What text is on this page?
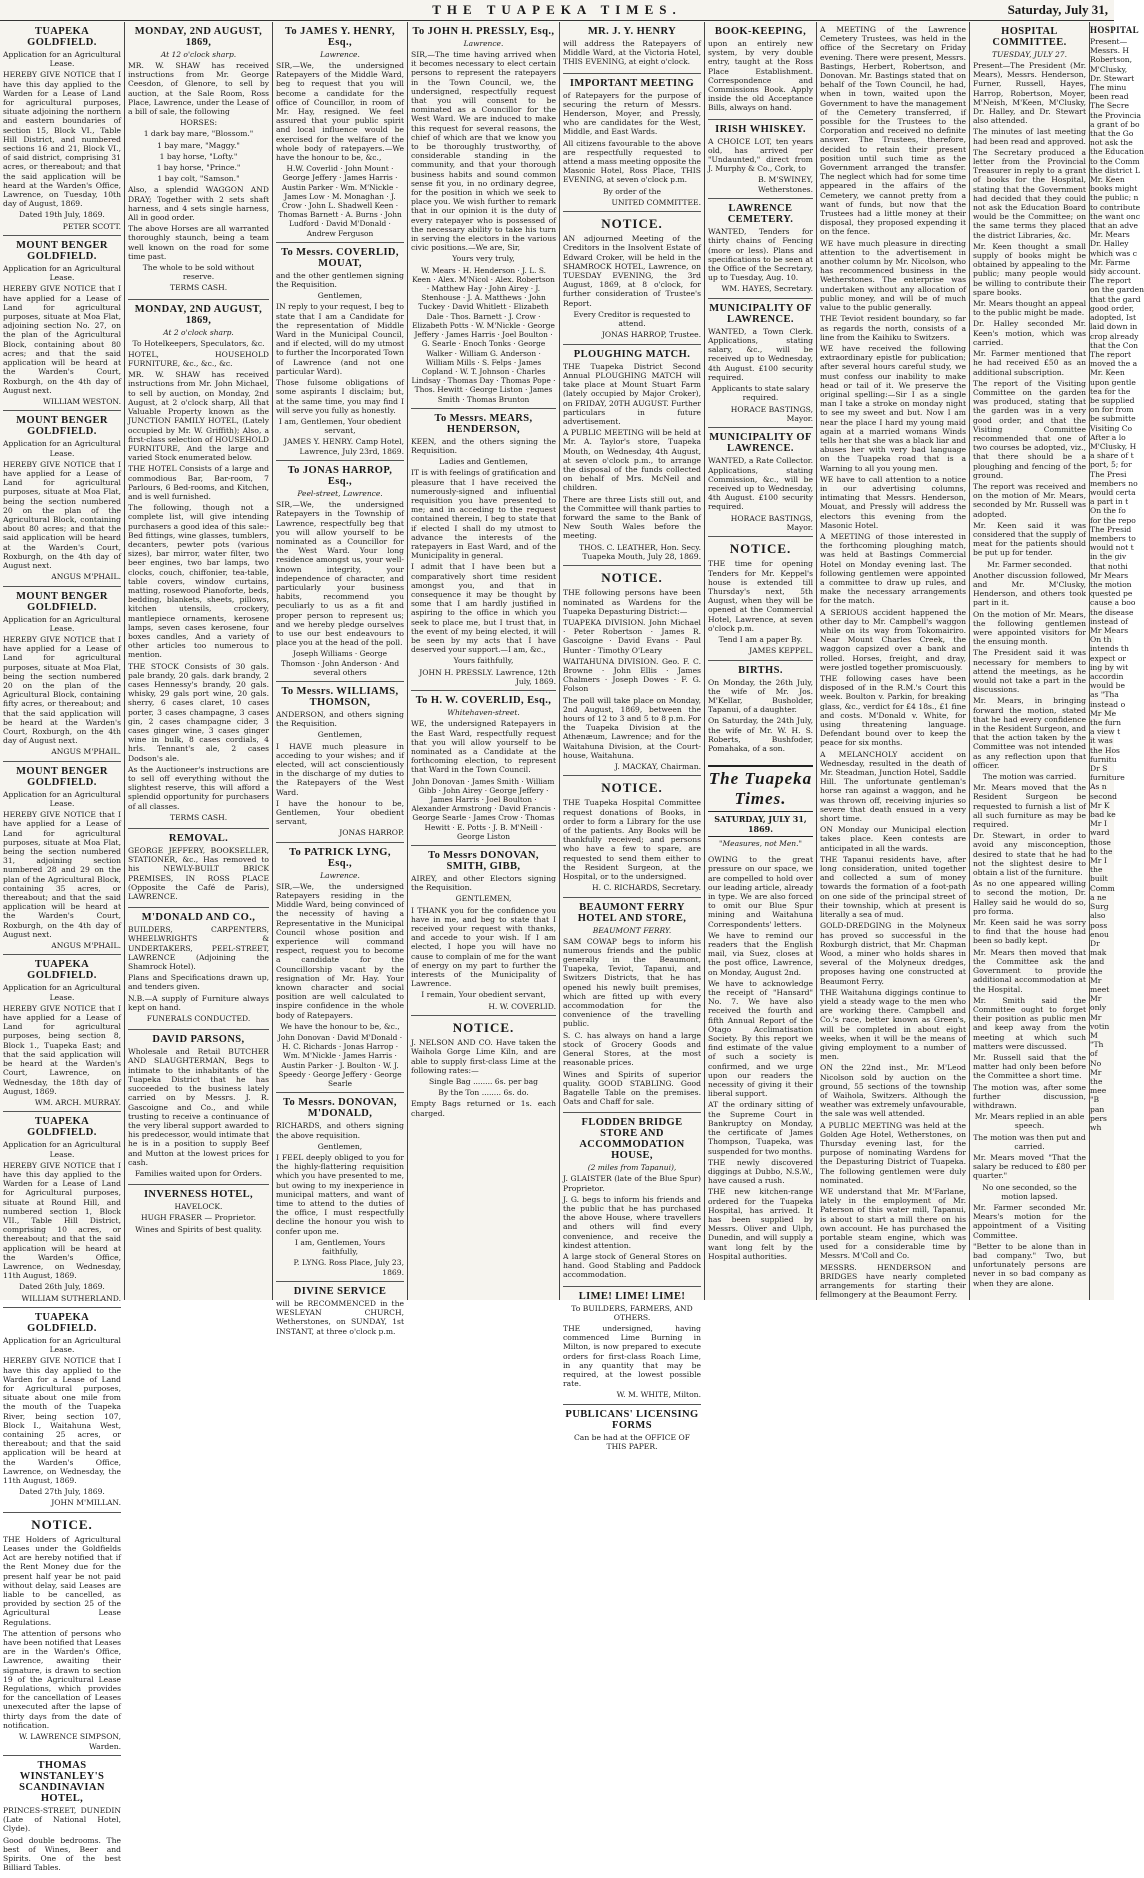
THE TUAPEKA TIMES.	Saturday, July 31,
TUAPEKA GOLDFIELD.

Application for an Agricultural Lease.

HEREBY GIVE NOTICE that I have this day applied to the Warden for a Lease of Land for agricultural purposes, situate adjoining the northern and eastern boundaries of section 15, Block VI., Table Hill District, and numbered sections 16 and 21, Block VI., of said district, comprising 31 acres, or thereabout; and that the said application will be heard at the Warden's Office, Lawrence, on Tuesday, 10th day of August, 1869.

Dated 19th July, 1869.

PETER SCOTT.

MOUNT BENGER GOLDFIELD.

Application for an Agricultural Lease.

HEREBY GIVE NOTICE that I have applied for a Lease of Land for agricultural purposes, situate at Moa Flat, adjoining section No. 27, on the plan of the Agricultural Block, containing about 80 acres; and that the said application will be heard at the Warden's Court, Roxburgh, on the 4th day of August next.

WILLIAM WESTON.

MOUNT BENGER GOLDFIELD.

Application for an Agricultural Lease.

HEREBY GIVE NOTICE that I have applied for a Lease of Land for agricultural purposes, situate at Moa Flat, being the section numbered 20 on the plan of the Agricultural Block, containing about 80 acres; and that the said application will be heard at the Warden's Court, Roxburgh, on the 4th day of August next.

ANGUS M'PHAIL.

MOUNT BENGER GOLDFIELD.

Application for an Agricultural Lease.

HEREBY GIVE NOTICE that I have applied for a Lease of Land for agricultural purposes, situate at Moa Flat, being the section numbered 20 on the plan of the Agricultural Block, containing fifty acres, or thereabout; and that the said application will be heard at the Warden's Court, Roxburgh, on the 4th day of August next.

ANGUS M'PHAIL.

MOUNT BENGER GOLDFIELD.

Application for an Agricultural Lease.

HEREBY GIVE NOTICE that I have applied for a Lease of Land for agricultural purposes, situate at Moa Flat, being the section numbered 31, adjoining section numbered 28 and 29 on the plan of the Agricultural Block, containing 35 acres, or thereabout; and that the said application will be heard at the Warden's Court, Roxburgh, on the 4th day of August next.

ANGUS M'PHAIL.

TUAPEKA GOLDFIELD.

Application for an Agricultural Lease.

HEREBY GIVE NOTICE that I have applied for a Lease of Land for agricultural purposes, being section 8, Block 1., Tuapeka East; and that the said application will be heard at the Warden's Court, Lawrence, on Wednesday, the 18th day of August, 1869.

WM. ARCH. MURRAY.

TUAPEKA GOLDFIELD.

Application for an Agricultural Lease.

HEREBY GIVE NOTICE that I have this day applied to the Warden for a Lease of Land for Agricultural purposes, situate at Round Hill, and numbered section 1, Block VII., Table Hill District, comprising 10 acres, or thereabout; and that the said application will be heard at the Warden's Office, Lawrence, on Wednesday, 11th August, 1869.

Dated 26th July, 1869.

WILLIAM SUTHERLAND.

TUAPEKA GOLDFIELD.

Application for an Agricultural Lease.

HEREBY GIVE NOTICE that I have this day applied to the Warden for a Lease of Land for Agricultural purposes, situate about one mile from the mouth of the Tuapeka River, being section 107, Block I., Waitahuna West, containing 25 acres, or thereabout; and that the said application will be heard at the Warden's Office, Lawrence, on Wednesday, the 11th August, 1869.

Dated 27th July, 1869.

JOHN M'MILLAN.

NOTICE.

THE Holders of Agricultural Leases under the Goldfields Act are hereby notified that if the Rent Money due for the present half year be not paid without delay, said Leases are liable to be cancelled, as provided by section 25 of the Agricultural Lease Regulations.

The attention of persons who have been notified that Leases are in the Warden's Office, Lawrence, awaiting their signature, is drawn to section 19 of the Agricultural Lease Regulations, which provides for the cancellation of Leases unexecuted after the lapse of thirty days from the date of notification.

W. LAWRENCE SIMPSON, Warden.

THOMAS WINSTANLEY'S SCANDINAVIAN HOTEL,

PRINCES-STREET, DUNEDIN (Late of National Hotel, Clyde).

Good double bedrooms. The best of Wines, Beer and Spirits. One of the best Billiard Tables.

MONDAY, 2ND AUGUST, 1869,
At 12 o'clock sharp.

MR. W. SHAW has received instructions from Mr. George Ceesdon, of Glenore, to sell by auction, at the Sale Room, Ross Place, Lawrence, under the Lease of a bill of sale, the following

HORSES:

1 dark bay mare, "Blossom."

1 bay mare, "Maggy."

1 bay horse, "Lofty."

1 bay horse, "Prince."

1 bay colt, "Samson."

Also, a splendid WAGGON AND DRAY; Together with 2 sets shaft harness, and 4 sets single harness, All in good order.

The above Horses are all warranted thoroughly staunch, being a team well known on the road for some time past.

The whole to be sold without reserve.

TERMS CASH.

MONDAY, 2ND AUGUST, 1869,
At 2 o'clock sharp.

To Hotelkeepers, Speculators, &c.

HOTEL, HOUSEHOLD FURNITURE, &c., &c., &c.

MR. W. SHAW has received instructions from Mr. John Michael, to sell by auction, on Monday, 2nd August, at 2 o'clock sharp, All that Valuable Property known as the JUNCTION FAMILY HOTEL, (Lately occupied by Mr. W. Griffith); Also, a first-class selection of HOUSEHOLD FURNITURE, And the large and varied Stock enumerated below.

THE HOTEL Consists of a large and commodious Bar, Bar-room, 7 Parlours, 6 Bed-rooms, and Kitchen, and is well furnished.

The following, though not a complete list, will give intending purchasers a good idea of this sale:- Bed fittings, wine glasses, tumblers, decanters, pewter pots (various sizes), bar mirror, water filter, two beer engines, two bar lamps, two clocks, couch, chiffonier, tea-table, table covers, window curtains, matting, rosewood Pianoforte, beds, bedding, blankets, sheets, pillows, kitchen utensils, crockery, mantlepiece ornaments, kerosene lamps, seven cases kerosene, four boxes candles, And a variety of other articles too numerous to mention.

THE STOCK Consists of 30 gals. pale brandy, 20 gals. dark brandy, 2 cases Hennessy's brandy, 20 gals. whisky, 29 gals port wine, 20 gals. sherry, 6 cases claret, 10 cases porter, 3 cases champagne, 3 cases gin, 2 cases champagne cider, 3 cases ginger wine, 3 cases ginger wine in bulk, 8 cases cordials, 4 hrls. Tennant's ale, 2 cases Dodson's ale.

As the Auctioneer's instructions are to sell off everything without the slightest reserve, this will afford a splendid opportunity for purchasers of all classes.

TERMS CASH.

REMOVAL.

GEORGE JEFFERY, BOOKSELLER, STATIONER, &c., Has removed to his NEWLY-BUILT BRICK PREMISES, IN ROSS PLACE (Opposite the Café de Paris), LAWRENCE.

M'DONALD AND CO.,

BUILDERS, CARPENTERS, WHEELWRIGHTS & UNDERTAKERS, PEEL-STREET, LAWRENCE (Adjoining the Shamrock Hotel).

Plans and Specifications drawn up, and tenders given.

N.B.—A supply of Furniture always kept on hand.

FUNERALS CONDUCTED.

DAVID PARSONS,

Wholesale and Retail BUTCHER AND SLAUGHTERMAN, Begs to intimate to the inhabitants of the Tuapeka District that he has succeeded to the business lately carried on by Messrs. J. R. Gascoigne and Co., and while trusting to receive a continuance of the very liberal support awarded to his predecessor, would intimate that he is in a position to supply Beef and Mutton at the lowest prices for cash.

Families waited upon for Orders.

INVERNESS HOTEL,

HAVELOCK.

HUGH FRASER — Proprietor.

Wines and Spirits of best quality.

To JAMES Y. HENRY, Esq.,
Lawrence.

SIR,—We, the undersigned Ratepayers of the Middle Ward, beg to request that you will become a candidate for the office of Councillor, in room of Mr. Hay, resigned. We feel assured that your public spirit and local influence would be exercised for the welfare of the whole body of ratepayers.—We have the honour to be, &c.,

H.W. Coverlid · John Mount · George Jeffery · James Harris · Austin Parker · Wm. M'Nickle · James Low · M. Monaghan · J. Crow · John L. Shadwell Keen · Thomas Barnett · A. Burns · John Ludford · David M'Donald · Andrew Ferguson

To Messrs. COVERLID, MOUAT,

and the other gentlemen signing the Requisition.

Gentlemen,

IN reply to your request, I beg to state that I am a Candidate for the representation of Middle Ward in the Municipal Council, and if elected, will do my utmost to further the Incorporated Town of Lawrence (and not one particular Ward).

Those fulsome obligations of some aspirants I disclaim; but, at the same time, you may find I will serve you fully as honestly.

I am, Gentlemen, Your obedient servant,

JAMES Y. HENRY. Camp Hotel, Lawrence, July 23rd, 1869.

To JONAS HARROP, Esq.,
Peel-street, Lawrence.

SIR,—We, the undersigned Ratepayers in the Township of Lawrence, respectfully beg that you will allow yourself to be nominated as a Councillor for the West Ward. Your long residence amongst us, your well-known integrity, your independence of character, and particularly your business habits, recommend you peculiarly to us as a fit and proper person to represent us; and we hereby pledge ourselves to use our best endeavours to place you at the head of the poll.

Joseph Williams · George Thomson · John Anderson · And several others

To Messrs. WILLIAMS, THOMSON,

ANDERSON, and others signing the Requisition.

Gentlemen,

I HAVE much pleasure in acceding to your wishes; and if elected, will act conscientiously in the discharge of my duties to the Ratepayers of the West Ward.

I have the honour to be, Gentlemen, Your obedient servant,

JONAS HARROP.

To PATRICK LYNG, Esq.,
Lawrence.

SIR,—We, the undersigned Ratepayers residing in the Middle Ward, being convinced of the necessity of having a Representative in the Municipal Council whose position and experience will command respect, request you to become a candidate for the Councillorship vacant by the resignation of Mr. Hay. Your known character and social position are well calculated to inspire confidence in the whole body of Ratepayers.

We have the honour to be, &c.,

John Donovan · David M'Donald · H. C. Richards · Jonas Harrop · Wm. M'Nickle · James Harris · Austin Parker · J. Boulton · W. J. Speedy · George Jeffery · George Searle

To Messrs. DONOVAN, M'DONALD,

RICHARDS, and others signing the above requisition.

Gentlemen,

I FEEL deeply obliged to you for the highly-flattering requisition which you have presented to me, but owing to my inexperience in municipal matters, and want of time to attend to the duties of the office, I must respectfully decline the honour you wish to confer upon me.

I am, Gentlemen, Yours faithfully,

P. LYNG. Ross Place, July 23, 1869.

DIVINE SERVICE

will be RECOMMENCED in the WESLEYAN CHURCH, Wetherstones, on SUNDAY, 1st INSTANT, at three o'clock p.m.

To JOHN H. PRESSLY, Esq.,
Lawrence.

SIR,—The time having arrived when it becomes necessary to elect certain persons to represent the ratepayers in the Town Council, we, the undersigned, respectfully request that you will consent to be nominated as a Councillor for the West Ward. We are induced to make this request for several reasons, the chief of which are that we know you to be thoroughly trustworthy, of considerable standing in the community, and that your thorough business habits and sound common sense fit you, in no ordinary degree, for the position in which we seek to place you. We wish further to remark that in our opinion it is the duty of every ratepayer who is possessed of the necessary ability to take his turn in serving the electors in the various civic positions.—We are, Sir,

Yours very truly,

W. Mears · H. Henderson · J. L. S. Keen · Alex. M'Nicol · Alex. Robertson · Matthew Hay · John Airey · J. Stenhouse · J. A. Matthews · John Tuckey · David Whitlett · Elizabeth Dale · Thos. Barnett · J. Crow · Elizabeth Potts · W. M'Nickle · George Jeffery · James Harris · Joel Boulton · G. Searle · Enoch Tonks · George Walker · William G. Anderson · William Mills · S. Felps · James Copland · W. T. Johnson · Charles Lindsay · Thomas Day · Thomas Pope · Thos. Hewitt · George Liston · James Smith · Thomas Brunton

To Messrs. MEARS, HENDERSON,

KEEN, and the others signing the Requisition.

Ladies and Gentlemen,

IT is with feelings of gratification and pleasure that I have received the numerously-signed and influential requisition you have presented to me; and in acceding to the request contained therein, I beg to state that if elected I shall do my utmost to advance the interests of the ratepayers in East Ward, and of the Municipality in general.

I admit that I have been but a comparatively short time resident amongst you, and that in consequence it may be thought by some that I am hardly justified in aspiring to the office in which you seek to place me, but I trust that, in the event of my being elected, it will be seen by my acts that I have deserved your support.—I am, &c.,

Yours faithfully,

JOHN H. PRESSLY. Lawrence, 12th July, 1869.

To H. W. COVERLID, Esq.,
Whitehaven-street.

WE, the undersigned Ratepayers in the East Ward, respectfully request that you will allow yourself to be nominated as a Candidate at the forthcoming election, to represent that Ward in the Town Council.

John Donovan · James Smith · William Gibb · John Airey · George Jeffery · James Harris · Joel Boulton · Alexander Armstrong · David Francis · George Searle · James Crow · Thomas Hewitt · E. Potts · J. B. M'Neill · George Liston

To Messrs DONOVAN, SMITH, GIBB,

AIREY, and other Electors signing the Requisition.

GENTLEMEN,

I THANK you for the confidence you have in me, and beg to state that I received your request with thanks, and accede to your wish. If I am elected, I hope you will have no cause to complain of me for the want of energy on my part to further the interests of the Municipality of Lawrence.

I remain, Your obedient servant,

H. W. COVERLID.

NOTICE.

J. NELSON AND CO. Have taken the Waihola Gorge Lime Kiln, and are able to supply first-class Lime at the following rates:—

Single Bag ........ 6s. per bag

By the Ton ........ 6s. do.

Empty Bags returned or 1s. each charged.

MR. J. Y. HENRY

will address the Ratepayers of Middle Ward, at the Victoria Hotel, THIS EVENING, at eight o'clock.

IMPORTANT MEETING

of Ratepayers for the purpose of securing the return of Messrs. Henderson, Moyer, and Pressly, who are candidates for the West, Middle, and East Wards.

All citizens favourable to the above are respectfully requested to attend a mass meeting opposite the Masonic Hotel, Ross Place, THIS EVENING, at seven o'clock p.m.

By order of the

UNITED COMMITTEE.

NOTICE.

AN adjourned Meeting of the Creditors in the Insolvent Estate of Edward Croker, will be held in the SHAMROCK HOTEL, Lawrence, on TUESDAY EVENING, the 3rd August, 1869, at 8 o'clock, for further consideration of Trustee's Report.

Every Creditor is requested to attend.

JONAS HARROP, Trustee.

PLOUGHING MATCH.

THE Tuapeka District Second Annual PLOUGHING MATCH will take place at Mount Stuart Farm (lately occupied by Major Croker), on FRIDAY, 20TH AUGUST. Further particulars in future advertisement.

A PUBLIC MEETING will be held at Mr. A. Taylor's store, Tuapeka Mouth, on Wednesday, 4th August, at seven o'clock p.m., to arrange the disposal of the funds collected on behalf of Mrs. McNeil and children.

There are three Lists still out, and the Committee will thank parties to forward the same to the Bank of New South Wales before the meeting.

THOS. C. LEATHER, Hon. Secy. Tuapeka Mouth, July 28, 1869.

NOTICE.

THE following persons have been nominated as Wardens for the Tuapeka Depasturing District:—

TUAPEKA DIVISION. John Michael · Peter Robertson · James R. Gascoigne · David Evans · Paul Hunter · Timothy O'Leary

WAITAHUNA DIVISION. Geo. F. C. Browne · John Ellis · James Chalmers · Joseph Dowes · F. G. Folson

The poll will take place on Monday, 2nd August, 1869, between the hours of 12 to 3 and 5 to 8 p.m. For the Tuapeka Division at the Athenæum, Lawrence; and for the Waitahuna Division, at the Court-house, Waitahuna.

J. MACKAY, Chairman.

NOTICE.

THE Tuapeka Hospital Committee request donations of Books, in order to form a Library for the use of the patients. Any Books will be thankfully received; and persons who have a few to spare, are requested to send them either to the Resident Surgeon, at the Hospital, or to the undersigned.

H. C. RICHARDS, Secretary.

BEAUMONT FERRY HOTEL AND STORE,
BEAUMONT FERRY.

SAM COWAP begs to inform his numerous friends and the public generally in the Beaumont, Tuapeka, Teviot, Tapanui, and Switzers Districts, that he has opened his newly built premises, which are fitted up with every accommodation for the convenience of the travelling public.

S. C. has always on hand a large stock of Grocery Goods and General Stores, at the most reasonable prices.

Wines and Spirits of superior quality. GOOD STABLING. Good Bagatelle Table on the premises. Oats and Chaff for sale.

FLODDEN BRIDGE STORE AND ACCOMMODATION HOUSE,
(2 miles from Tapanui),

J. GLAISTER (late of the Blue Spur) Proprietor.

J. G. begs to inform his friends and the public that he has purchased the above House, where travellers and others will find every convenience, and receive the kindest attention.

A large stock of General Stores on hand. Good Stabling and Paddock accommodation.

LIME! LIME! LIME!

To BUILDERS, FARMERS, AND OTHERS.

THE undersigned, having commenced Lime Burning in Milton, is now prepared to execute orders for first-class Roach Lime, in any quantity that may be required, at the lowest possible rate.

W. M. WHITE, Milton.

PUBLICANS' LICENSING FORMS

Can be had at the OFFICE OF THIS PAPER.

BOOK-KEEPING,

upon an entirely new system, by very double entry, taught at the Ross Place Establishment. Correspondence and Commissions Book. Apply inside the old Acceptance Bills, always on hand.

IRISH WHISKEY.

A CHOICE LOT, ten years old, has arrived per "Undaunted," direct from J. Murphy & Co., Cork, to

B. M'SWINEY, Wetherstones.

LAWRENCE CEMETERY.

WANTED, Tenders for thirty chains of Fencing (more or less). Plans and specifications to be seen at the Office of the Secretary, up to Tuesday, Aug. 10.

WM. HAYES, Secretary.

MUNICIPALITY OF LAWRENCE.

WANTED, a Town Clerk. Applications, stating salary, &c., will be received up to Wednesday, 4th August. £100 security required.

Applicants to state salary required.

HORACE BASTINGS, Mayor.

MUNICIPALITY OF LAWRENCE.

WANTED, a Rate Collector. Applications, stating Commission, &c., will be received up to Wednesday, 4th August. £100 security required.

HORACE BASTINGS, Mayor.

NOTICE.

THE time for opening Tenders for Mr. Keppel's house is extended till Thursday's next, 5th August, when they will be opened at the Commercial Hotel, Lawrence, at seven o'clock p.m.

Tend I am a paper By.

JAMES KEPPEL.

BIRTHS.

On Monday, the 26th July, the wife of Mr. Jos. M'Kellar, Busholder, Tapanui, of a daughter.

On Saturday, the 24th July, the wife of Mr. W. H. S. Roberts, Bushfoder, Pomahaka, of a son.

The Tuapeka Times.
SATURDAY, JULY 31, 1869.
"Measures, not Men."

OWING to the great pressure on our space, we are compelled to hold over our leading article, already in type. We are also forced to omit our Blue Spur mining and Waitahuna Correspondents' letters.

We have to remind our readers that the English mail, via Suez, closes at the post office, Lawrence, on Monday, August 2nd.

We have to acknowledge the receipt of "Hansard" No. 7. We have also received the fourth and fifth Annual Report of the Otago Acclimatisation Society. By this report we find estimate of the value of such a society is confirmed, and we urge upon our readers the necessity of giving it their liberal support.

AT the ordinary sitting of the Supreme Court in Bankruptcy on Monday, the certificate of James Thompson, Tuapeka, was suspended for two months.

THE newly discovered diggings at Dubbo, N.S.W., have caused a rush.

THE new kitchen-range ordered for the Tuapeka Hospital, has arrived. It has been supplied by Messrs. Oliver and Ulph, Dunedin, and will supply a want long felt by the Hospital authorities.

A MEETING of the Lawrence Cemetery Trustees, was held in the office of the Secretary on Friday evening. There were present, Messrs. Bastings, Herbert, Robertson, and Donovan. Mr. Bastings stated that on behalf of the Town Council, he had, when in town, waited upon the Government to have the management of the Cemetery transferred, if possible for the Trustees to the Corporation and received no definite answer. The Trustees, therefore, decided to retain their present position until such time as the Government arranged the transfer. The neglect which had for some time appeared in the affairs of the Cemetery, we cannot pretty from a want of funds, but now that the Trustees had a little money at their disposal, they proposed expending it on the fence.

WE have much pleasure in directing attention to the advertisement in another column by Mr. Nicolson, who has recommenced business in the Wetherstones. The enterprise was undertaken without any allocation of public money, and will be of much value to the public generally.

THE Teviot resident boundary, so far as regards the north, consists of a line from the Kaihiku to Switzers.

WE have received the following extraordinary epistle for publication; after several hours careful study, we must confess our inability to make head or tail of it. We preserve the original spelling:—Sir I as a single man I take a stroke on monday night to see my sweet and but. Now I am near the place I hard my young maid again at a married womans Winds tells her that she was a black liar and abuses her with very bad language on the Tuapeka road that is a Warning to all you young men.

WE have to call attention to a notice in our advertising columns, intimating that Messrs. Henderson, Mouat, and Pressly will address the electors this evening from the Masonic Hotel.

A MEETING of those interested in the forthcoming ploughing match, was held at Bastings Commercial Hotel on Monday evening last. The following gentlemen were appointed a committee to draw up rules, and make the necessary arrangements for the match.

A SERIOUS accident happened the other day to Mr. Campbell's waggon while on its way from Tokomairiro. Near Mount Charles Creek, the waggon capsized over a bank and rolled. Horses, freight, and dray, were jostled together promiscuously.

THE following cases have been disposed of in the R.M.'s Court this week. Boulton v. Parkin, for breaking glass, &c., verdict for £4 18s., £1 fine and costs. M'Donald v. White, for using threatening language. Defendant bound over to keep the peace for six months.

A MELANCHOLY accident on Wednesday, resulted in the death of Mr. Steadman, Junction Hotel, Saddle Hill. The unfortunate gentleman's horse ran against a waggon, and he was thrown off, receiving injuries so severe that death ensued in a very short time.

ON Monday our Municipal election takes place. Keen contests are anticipated in all the wards.

THE Tapanui residents have, after long consideration, united together and collected a sum of money towards the formation of a foot-path on one side of the principal street of their township, which at present is literally a sea of mud.

GOLD-DREDGING in the Molyneux has proved so successful in the Roxburgh district, that Mr. Chapman Wood, a miner who holds shares in several of the Molyneux dredges, proposes having one constructed at Beaumont Ferry.

THE Waitahuna diggings continue to yield a steady wage to the men who are working there. Campbell and Co.'s race, better known as Green's, will be completed in about eight weeks, when it will be the means of giving employment to a number of men.

ON the 22nd inst., Mr. M'Leod Nicolson sold by auction on the ground, 55 sections of the township of Waihola, Switzers. Although the weather was extremely unfavourable, the sale was well attended.

A PUBLIC MEETING was held at the Golden Age Hotel, Wetherstones, on Thursday evening last, for the purpose of nominating Wardens for the Depasturing District of Tuapeka. The following gentlemen were duly nominated.

WE understand that Mr. M'Farlane, lately in the employment of Mr. Paterson of this water mill, Tapanui, is about to start a mill there on his own account. He has purchased the portable steam engine, which was used for a considerable time by Messrs. M'Coll and Co.

MESSRS. HENDERSON and BRIDGES have nearly completed arrangements for starting their fellmongery at the Beaumont Ferry.

HOSPITAL COMMITTEE.
TUESDAY, JULY 27.

Present—The President (Mr. Mears), Messrs. Henderson, Furner, Russell, Hayes, Harrop, Robertson, Moyer, M'Neish, M'Keen, M'Clusky, Dr. Halley, and Dr. Stewart also attended.

The minutes of last meeting had been read and approved.

The Secretary produced a letter from the Provincial Treasurer in reply to a grant of books for the Hospital, stating that the Government had decided that they could not ask the Education Board would be the Committee; on the same terms they placed the district Libraries, &c.

Mr. Keen thought a small supply of books might be obtained by appealing to the public; many people would be willing to contribute their spare books.

Mr. Mears thought an appeal to the public might be made.

Dr. Halley seconded Mr. Keen's motion, which was carried.

Mr. Farmer mentioned that he had received £50 as an additional subscription.

The report of the Visiting Committee on the garden was produced, stating that the garden was in a very good order, and that the Visiting Committee recommended that one of two courses be adopted, viz., that there should be a ploughing and fencing of the ground.

The report was received and on the motion of Mr. Mears, seconded by Mr. Russell was adopted.

Mr. Keen said it was considered that the supply of meat for the patients should be put up for tender.

Mr. Farmer seconded.

Another discussion followed, and Mr. M'Clusky, Henderson, and others took part in it.

On the motion of Mr. Mears, the following gentlemen were appointed visitors for the ensuing month.

The President said it was necessary for members to attend the meetings, as he would not take a part in the discussions.

Mr. Mears, in bringing forward the motion, stated that he had every confidence in the Resident Surgeon, and that the action taken by the Committee was not intended as any reflection upon that officer.

The motion was carried.

Mr. Mears moved that the Resident Surgeon be requested to furnish a list of all such furniture as may be required.

Dr. Stewart, in order to avoid any misconception, desired to state that he had not the slightest desire to obtain a list of the furniture.

As no one appeared willing to second the motion, Dr. Halley said he would do so, pro forma.

Mr. Keen said he was sorry to find that the house had been so badly kept.

Mr. Mears then moved that the Committee ask the Government to provide additional accommodation at the Hospital.

Mr. Smith said the Committee ought to forget their position as public men and keep away from the meeting at which such matters were discussed.

Mr. Russell said that the matter had only been before the Committee a short time.

The motion was, after some further discussion, withdrawn.

Mr. Mears replied in an able speech.

The motion was then put and carried.

Mr. Mears moved "That the salary be reduced to £80 per quarter."

No one seconded, so the motion lapsed.

Mr. Farmer seconded Mr. Mears's motion for the appointment of a Visiting Committee.

"Better to be alone than in bad company." Two, but unfortunately persons are never in so bad company as when they are alone.

HOSPITAL

Present—

Messrs. H

Robertson,

M'Clusky,

Dr. Stewart

The minu

been read

The Secre

the Provincia

a grant of bo

that the Go

not ask the

the Education

to the Comm

the district L

Mr. Keen

books might

the public; n

to contribute

the want onc

that an adve

Mr. Mears

Dr. Halley

which was c

Mr. Farme

sidy account.

The report

on the garden

that the gard

good order,

adopted, Ist

laid down in

crop already

that the Con

The report

moved the a

Mr. Keen

upon gentle

tea for the

be supplied

on for from

be submitte

Visiting Co

After a lo

M'Clusky, H

a share of t

port, 5; for

The Presi

members no

would certa

a part in t

On the fo

for the repo

The Presid

members to

would not t

in the giv

that nothi

Mr Mears

the motion

quested pe

cause a boo

the disease

instead of

Mr Mears

On th

intends th

expect or

ing by wit

accordin

would be

as "Tha

instead o

Mr Me

the furn

a view t

it was

the Hos

furnitu

Dr S

furniture

As n

second

Mr K

bad ke

Mr I

ward

those

to the

Mr I

the

built

Comm

a ne

Surg

also

poss

enou

Dr

mak

and

the

Mr

meet

Mr

only

Mr

votin

M

"Th

of

No

Mr

the

mee

"B

pan

pers

wh
